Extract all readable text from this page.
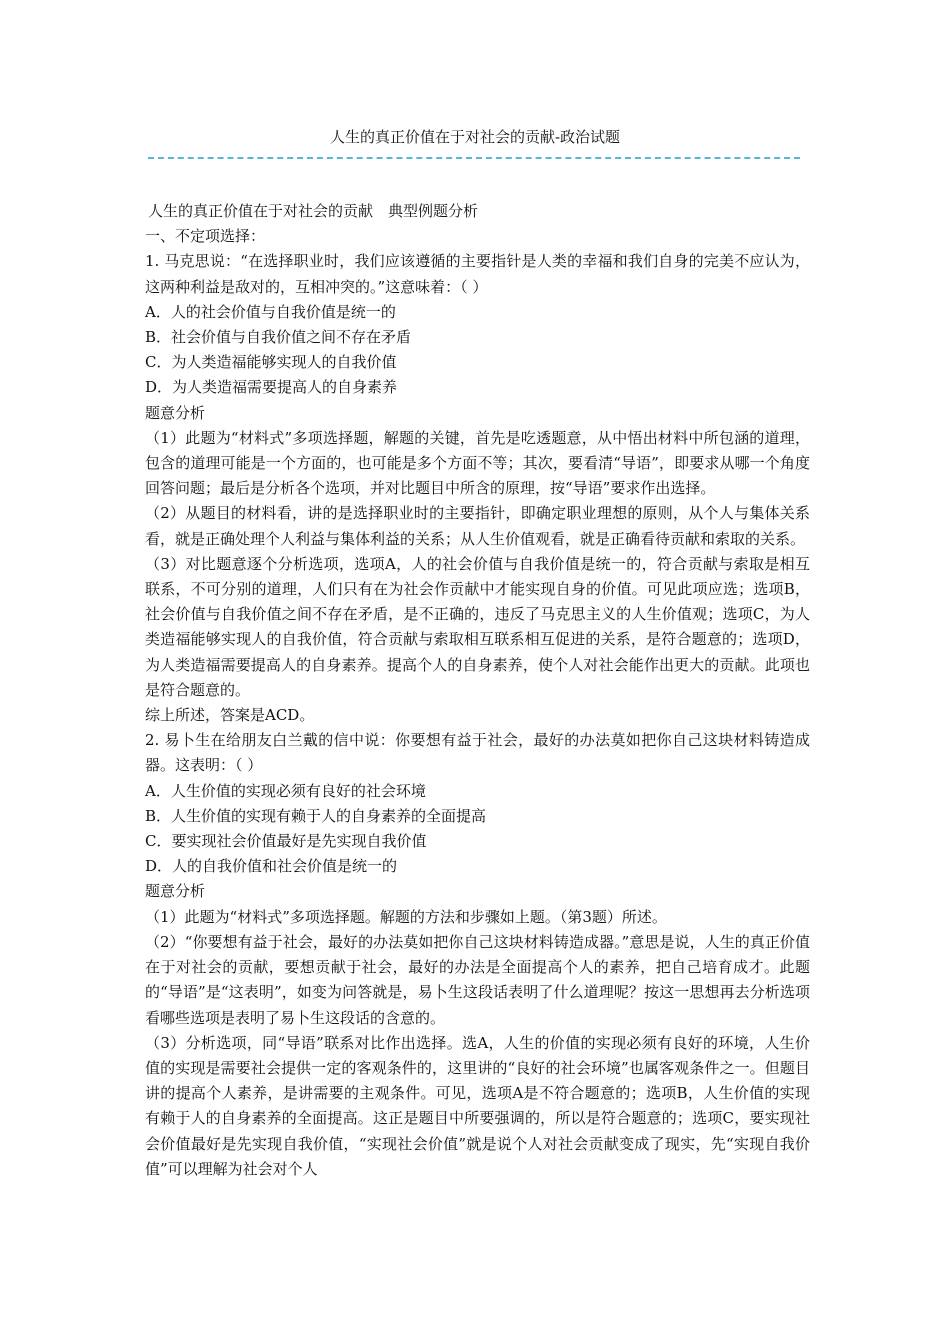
人生的真正价值在于对社会的贡献-政治试题

人生的真正价值在于对社会的贡献　典型例题分析

一、不定项选择：

1. 马克思说：“在选择职业时，我们应该遵循的主要指针是人类的幸福和我们自身的完美不应认为，这两种利益是敌对的，互相冲突的。”这意味着：（ ）

A．人的社会价值与自我价值是统一的

B．社会价值与自我价值之间不存在矛盾

C．为人类造福能够实现人的自我价值

D．为人类造福需要提高人的自身素养

题意分析

（1）此题为“材料式”多项选择题，解题的关键，首先是吃透题意，从中悟出材料中所包涵的道理，包含的道理可能是一个方面的，也可能是多个方面不等；其次，要看清“导语”，即要求从哪一个角度回答问题；最后是分析各个选项，并对比题目中所含的原理，按“导语”要求作出选择。

（2）从题目的材料看，讲的是选择职业时的主要指针，即确定职业理想的原则，从个人与集体关系看，就是正确处理个人利益与集体利益的关系；从人生价值观看，就是正确看待贡献和索取的关系。

（3）对比题意逐个分析选项，选项A，人的社会价值与自我价值是统一的，符合贡献与索取是相互联系，不可分别的道理，人们只有在为社会作贡献中才能实现自身的价值。可见此项应选；选项B，社会价值与自我价值之间不存在矛盾，是不正确的，违反了马克思主义的人生价值观；选项C，为人类造福能够实现人的自我价值，符合贡献与索取相互联系相互促进的关系，是符合题意的；选项D，为人类造福需要提高人的自身素养。提高个人的自身素养，使个人对社会能作出更大的贡献。此项也是符合题意的。

综上所述，答案是ACD。

2. 易卜生在给朋友白兰戴的信中说：你要想有益于社会，最好的办法莫如把你自己这块材料铸造成器。这表明：（ ）

A．人生价值的实现必须有良好的社会环境

B．人生价值的实现有赖于人的自身素养的全面提高

C．要实现社会价值最好是先实现自我价值

D．人的自我价值和社会价值是统一的

题意分析

（1）此题为“材料式”多项选择题。解题的方法和步骤如上题。（第3题）所述。

（2）“你要想有益于社会，最好的办法莫如把你自己这块材料铸造成器。”意思是说，人生的真正价值在于对社会的贡献，要想贡献于社会，最好的办法是全面提高个人的素养，把自己培育成才。此题的“导语”是“这表明”，如变为问答就是，易卜生这段话表明了什么道理呢？按这一思想再去分析选项看哪些选项是表明了易卜生这段话的含意的。

（3）分析选项，同“导语”联系对比作出选择。选A，人生的价值的实现必须有良好的环境，人生价值的实现是需要社会提供一定的客观条件的，这里讲的“良好的社会环境”也属客观条件之一。但题目讲的提高个人素养，是讲需要的主观条件。可见，选项A是不符合题意的；选项B，人生价值的实现有赖于人的自身素养的全面提高。这正是题目中所要强调的，所以是符合题意的；选项C，要实现社会价值最好是先实现自我价值，“实现社会价值”就是说个人对社会贡献变成了现实，先“实现自我价值”可以理解为社会对个人
